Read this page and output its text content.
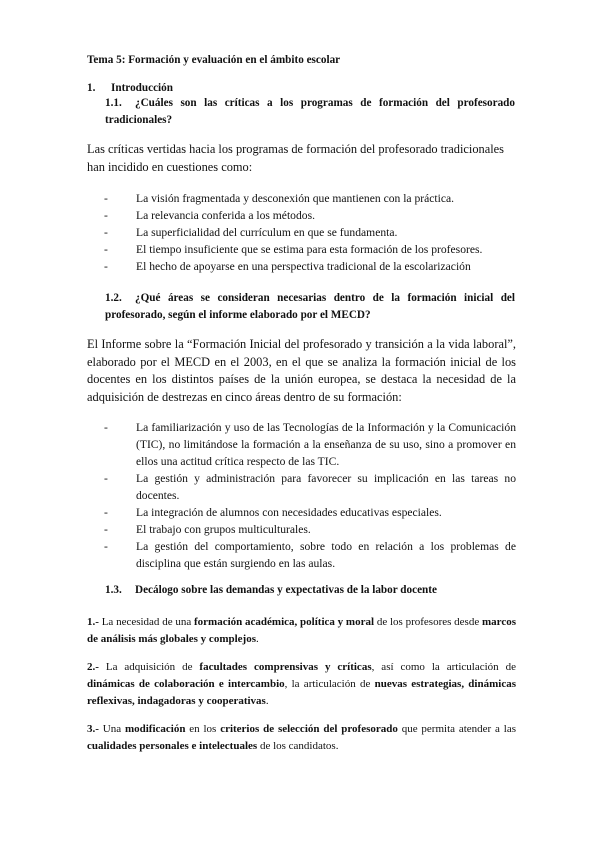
Tema 5: Formación y evaluación en el ámbito escolar
1. Introducción
1.1. ¿Cuáles son las críticas a los programas de formación del profesorado tradicionales?

Las críticas vertidas hacia los programas de formación del profesorado tradicionales han incidido en cuestiones como:

- La visión fragmentada y desconexión que mantienen con la práctica.
- La relevancia conferida a los métodos.
- La superficialidad del currículum en que se fundamenta.
- El tiempo insuficiente que se estima para esta formación de los profesores.
- El hecho de apoyarse en una perspectiva tradicional de la escolarización
1.2. ¿Qué áreas se consideran necesarias dentro de la formación inicial del profesorado, según el informe elaborado por el MECD?

El Informe sobre la “Formación Inicial del profesorado y transición a la vida laboral”, elaborado por el MECD en el 2003, en el que se analiza la formación inicial de los docentes en los distintos países de la unión europea, se destaca la necesidad de la adquisición de destrezas en cinco áreas dentro de su formación:

- La familiarización y uso de las Tecnologías de la Información y la Comunicación (TIC), no limitándose la formación a la enseñanza de su uso, sino a promover en ellos una actitud crítica respecto de las TIC.
- La gestión y administración para favorecer su implicación en las tareas no docentes.
- La integración de alumnos con necesidades educativas especiales.
- El trabajo con grupos multiculturales.
- La gestión del comportamiento, sobre todo en relación a los problemas de disciplina que están surgiendo en las aulas.
1.3. Decálogo sobre las demandas y expectativas de la labor docente

1.- La necesidad de una formación académica, política y moral de los profesores desde marcos de análisis más globales y complejos.

2.- La adquisición de facultades comprensivas y críticas, así como la articulación de dinámicas de colaboración e intercambio, la articulación de nuevas estrategias, dinámicas reflexivas, indagadoras y cooperativas.

3.- Una modificación en los criterios de selección del profesorado que permita atender a las cualidades personales e intelectuales de los candidatos.
